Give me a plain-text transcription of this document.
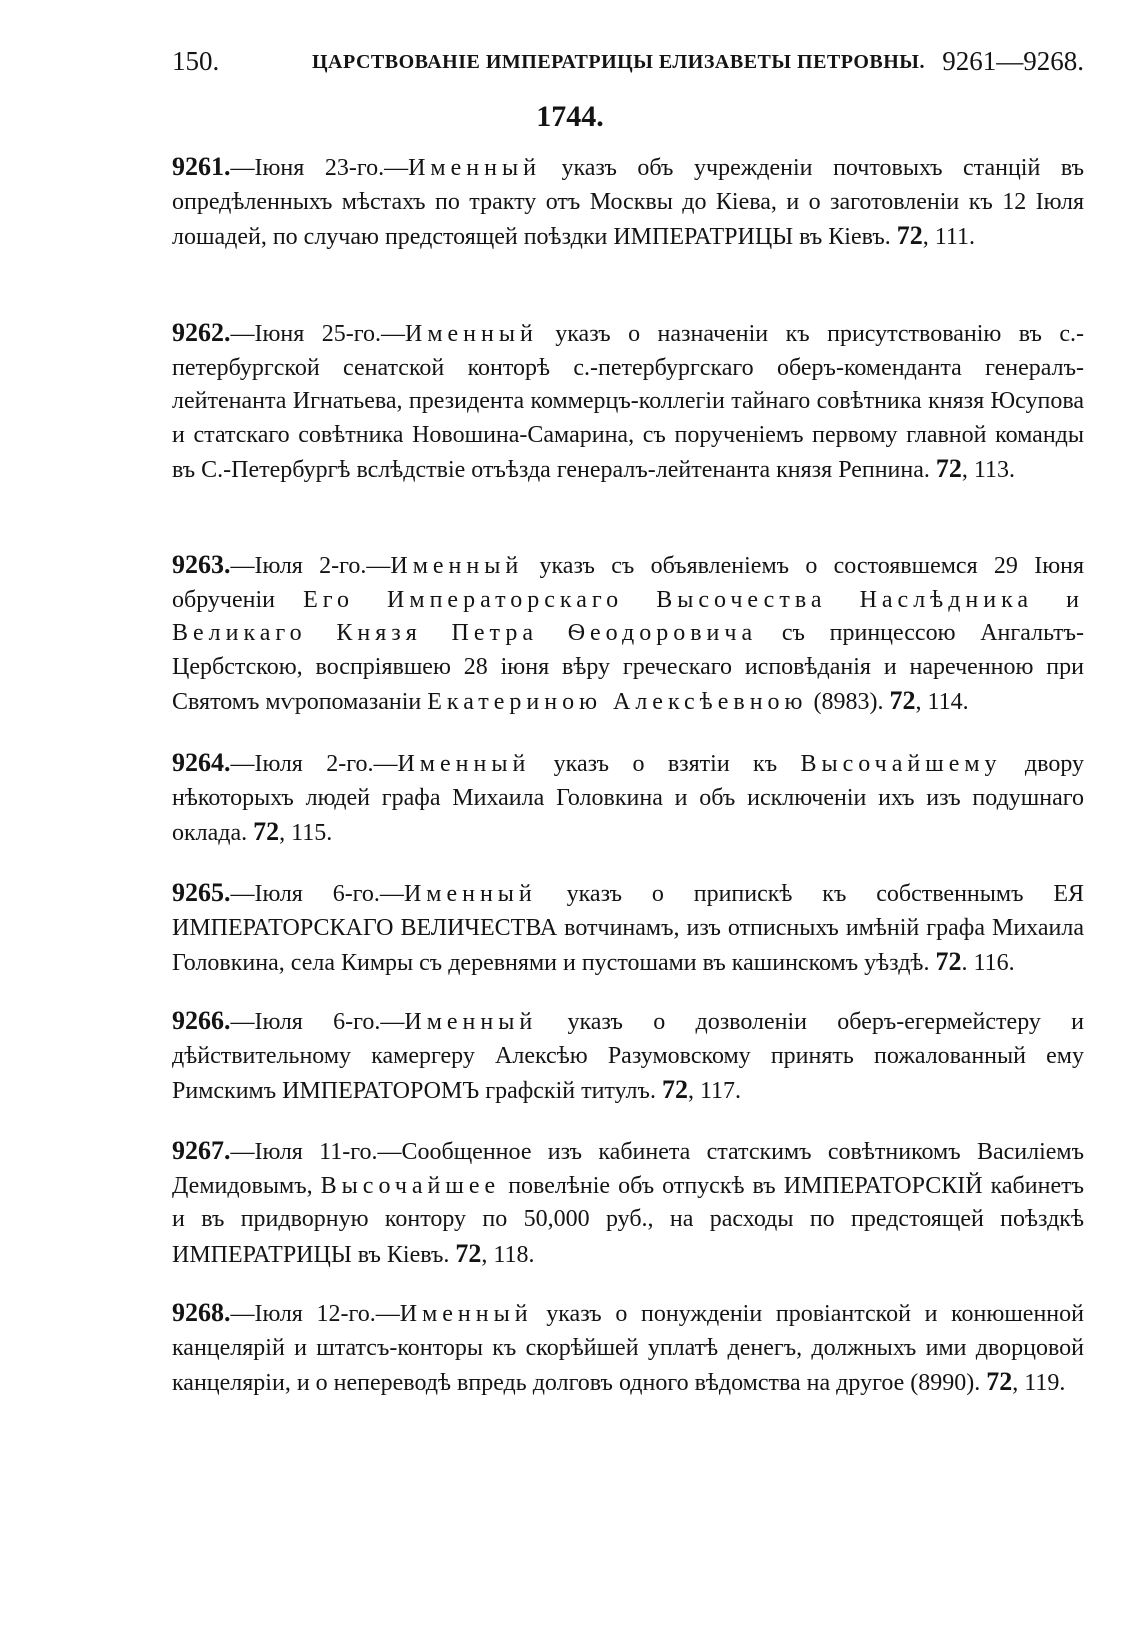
150.	ЦАРСТВОВАНІЕ ИМПЕРАТРИЦЫ ЕЛИЗАВЕТЫ ПЕТРОВНЫ. 9261—9268.
1744.

9261.—Іюня 23-го.—Именный указъ объ учрежденіи почтовыхъ станцій въ опредѣленныхъ мѣстахъ по тракту отъ Москвы до Кіева, и о заготовленіи къ 12 Іюля лошадей, по случаю предстоящей поѣздки ИМПЕРАТРИЦЫ въ Кіевъ. 72, 111.

9262.—Іюня 25-го.—Именный указъ о назначеніи къ присутствованію въ с.-петербургской сенатской конторѣ с.-петербургскаго оберъ-коменданта генералъ-лейтенанта Игнатьева, президента коммерцъ-коллегіи тайнаго совѣтника князя Юсупова и статскаго совѣтника Новошина-Самарина, съ порученіемъ первому главной команды въ С.-Петербургѣ вслѣдствіе отъѣзда генералъ-лейтенанта князя Репнина. 72, 113.

9263.—Іюля 2-го.—Именный указъ съ объявленіемъ о состоявшемся 29 Іюня обрученіи Его Императорскаго Высочества Наслѣдника и Великаго Князя Петра Ѳеодоровича съ принцессою Ангальтъ-Цербстскою, воспріявшею 28 іюня вѣру греческаго исповѣданія и нареченною при Святомъ мѵропомазаніи Екатериною Алексѣевною (8983). 72, 114.

9264.—Іюля 2-го.—Именный указъ о взятіи къ Высочайшему двору нѣкоторыхъ людей графа Михаила Головкина и объ исключеніи ихъ изъ подушнаго оклада. 72, 115.

9265.—Іюля 6-го.—Именный указъ о припискѣ къ собственнымъ ЕЯ ИМПЕРАТОРСКАГО ВЕЛИЧЕСТВА вотчинамъ, изъ отписныхъ имѣній графа Михаила Головкина, села Кимры съ деревнями и пустошами въ кашинскомъ уѣздѣ. 72. 116.

9266.—Іюля 6-го.—Именный указъ о дозволеніи оберъ-егермейстеру и дѣйствительному камергеру Алексѣю Разумовскому принять пожалованный ему Римскимъ ИМПЕРАТОРОМЪ графскій титулъ. 72, 117.

9267.—Іюля 11-го.—Сообщенное изъ кабинета статскимъ совѣтникомъ Василіемъ Демидовымъ, Высочайшее повелѣніе объ отпускѣ въ ИМПЕРАТОРСКІЙ кабинетъ и въ придворную контору по 50,000 руб., на расходы по предстоящей поѣздкѣ ИМПЕРАТРИЦЫ въ Кіевъ. 72, 118.

9268.—Іюля 12-го.—Именный указъ о понужденіи провіантской и конюшенной канцелярій и штатсъ-конторы къ скорѣйшей уплатѣ денегъ, должныхъ ими дворцовой канцеляріи, и о непереводѣ впредь долговъ одного вѣдомства на другое (8990). 72, 119.
